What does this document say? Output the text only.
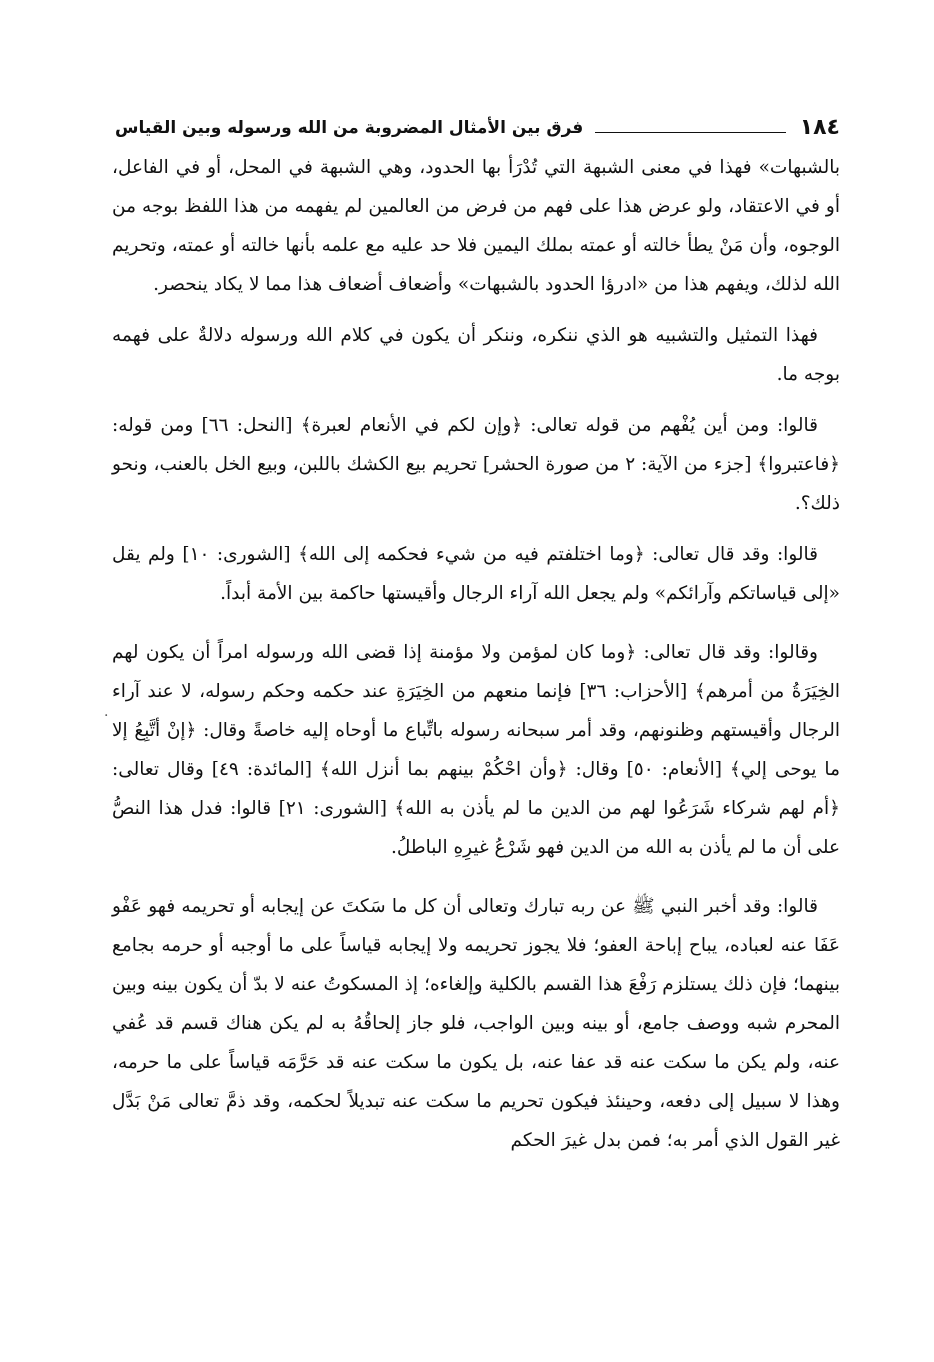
١٨٤
فرق بين الأمثال المضروبة من الله ورسوله وبين القياس
·

بالشبهات» فهذا في معنى الشبهة التي تُدْرَأ بها الحدود، وهي الشبهة في المحل، أو في الفاعل، أو في الاعتقاد، ولو عرض هذا على فهم من فرض من العالمين لم يفهمه من هذا اللفظ بوجه من الوجوه، وأن مَنْ يطأ خالته أو عمته بملك اليمين فلا حد عليه مع علمه بأنها خالته أو عمته، وتحريم الله لذلك، ويفهم هذا من «ادرؤا الحدود بالشبهات» وأضعاف أضعاف هذا مما لا يكاد ينحصر.

فهذا التمثيل والتشبيه هو الذي ننكره، وننكر أن يكون في كلام الله ورسوله دلالةٌ على فهمه بوجه ما.

قالوا: ومن أين يُفْهم من قوله تعالى: ﴿وإن لكم في الأنعام لعبرة﴾ [النحل: ٦٦] ومن قوله: ﴿فاعتبروا﴾ [جزء من الآية: ٢ من صورة الحشر] تحريم بيع الكشك باللبن، وبيع الخل بالعنب، ونحو ذلك؟.

قالوا: وقد قال تعالى: ﴿وما اختلفتم فيه من شيء فحكمه إلى الله﴾ [الشورى: ١٠] ولم يقل «إلى قياساتكم وآرائكم» ولم يجعل الله آراء الرجال وأقيستها حاكمة بين الأمة أبداً.

وقالوا: وقد قال تعالى: ﴿وما كان لمؤمن ولا مؤمنة إذا قضى الله ورسوله امراً أن يكون لهم الخِيَرَةُ من أمرهم﴾ [الأحزاب: ٣٦] فإنما منعهم من الخِيَرَةِ عند حكمه وحكم رسوله، لا عند آراء الرجال وأقيستهم وظنونهم، وقد أمر سبحانه رسوله باتِّباع ما أوحاه إليه خاصةً وقال: ﴿إنْ أتَّبِعُ إلا ما يوحى إلي﴾ [الأنعام: ٥٠] وقال: ﴿وأن احْكُمْ بينهم بما أنزل الله﴾ [المائدة: ٤٩] وقال تعالى: ﴿أم لهم شركاء شَرَعُوا لهم من الدين ما لم يأذن به الله﴾ [الشورى: ٢١] قالوا: فدل هذا النصُّ على أن ما لم يأذن به الله من الدين فهو شَرْعُ غيرِهِ الباطلُ.

قالوا: وقد أخبر النبي ﷺ عن ربه تبارك وتعالى أن كل ما سَكتَ عن إيجابه أو تحريمه فهو عَفْو عَفَا عنه لعباده، يباح إباحة العفو؛ فلا يجوز تحريمه ولا إيجابه قياساً على ما أوجبه أو حرمه بجامع بينهما؛ فإن ذلك يستلزم رَفْعَ هذا القسم بالكلية وإلغاءه؛ إذ المسكوتُ عنه لا بدّ أن يكون بينه وبين المحرم شبه ووصف جامع، أو بينه وبين الواجب، فلو جاز إلحاقُهُ به لم يكن هناك قسم قد عُفي عنه، ولم يكن ما سكت عنه قد عفا عنه، بل يكون ما سكت عنه قد حَرَّمَه قياساً على ما حرمه، وهذا لا سبيل إلى دفعه، وحينئذ فيكون تحريم ما سكت عنه تبديلاً لحكمه، وقد ذمَّ تعالى مَنْ بَدَّل غير القول الذي أمر به؛ فمن بدل غيرَ الحكم
